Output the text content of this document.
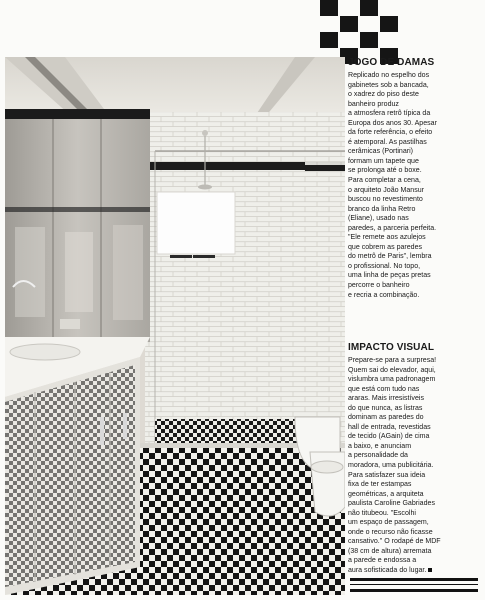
JOGO DE DAMAS
Replicado no espelho dos
gabinetes sob a bancada,
o xadrez do piso deste
banheiro produz
a atmosfera retrô típica da
Europa dos anos 30. Apesar
da forte referência, o efeito
é atemporal. As pastilhas
cerâmicas (Portinari)
formam um tapete que
se prolonga até o boxe.
Para completar a cena,
o arquiteto João Mansur
buscou no revestimento
branco da linha Retro
(Eliane), usado nas
paredes, a parceria perfeita.
"Ele remete aos azulejos
que cobrem as paredes
do metrô de Paris", lembra
o profissional. No topo,
uma linha de peças pretas
percorre o banheiro
e recria a combinação.
IMPACTO VISUAL
Prepare-se para a surpresa!
Quem sai do elevador, aqui,
vislumbra uma padronagem
que está com tudo nas
araras. Mais irresistíveis
do que nunca, as listras
dominam as paredes do
hall de entrada, revestidas
de tecido (AGain) de cima
a baixo, e anunciam
a personalidade da
moradora, uma publicitária.
Para satisfazer sua ideia
fixa de ter estampas
geométricas, a arquiteta
paulista Caroline Gabriades
não titubeou. "Escolhi
um espaço de passagem,
onde o recurso não ficasse
cansativo." O rodapé de MDF
(38 cm de altura) arremata
a parede e endossa a
aura sofisticada do lugar.
